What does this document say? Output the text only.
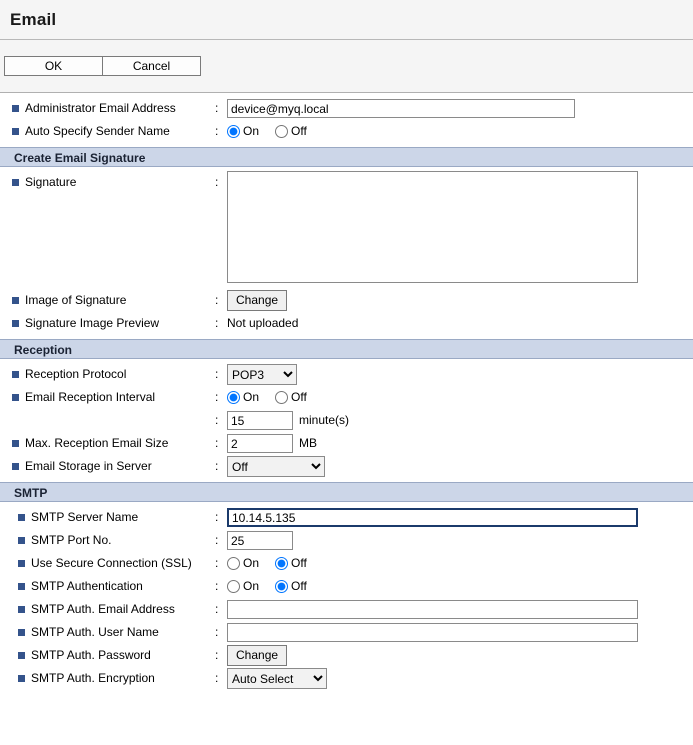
Email
OK	Cancel
Administrator Email Address	:
device@myq.local
Auto Specify Sender Name	:	On	Off
Create Email Signature
Signature	:
Image of Signature	:	Change
Signature Image Preview	: Not uploaded
Reception
Reception Protocol	:
POP3
Email Reception Interval	:	On	Off
:
15	minute(s)
Max. Reception Email Size	:
2	MB
Email Storage in Server	:
Off
SMTP
SMTP Server Name	:
10.14.5.135
SMTP Port No.	:
25
Use Secure Connection (SSL) :	On	Off
SMTP Authentication	:	On	Off
SMTP Auth. Email Address	:
SMTP Auth. User Name	:
SMTP Auth. Password	:	Change
SMTP Auth. Encryption	:
Auto Select
